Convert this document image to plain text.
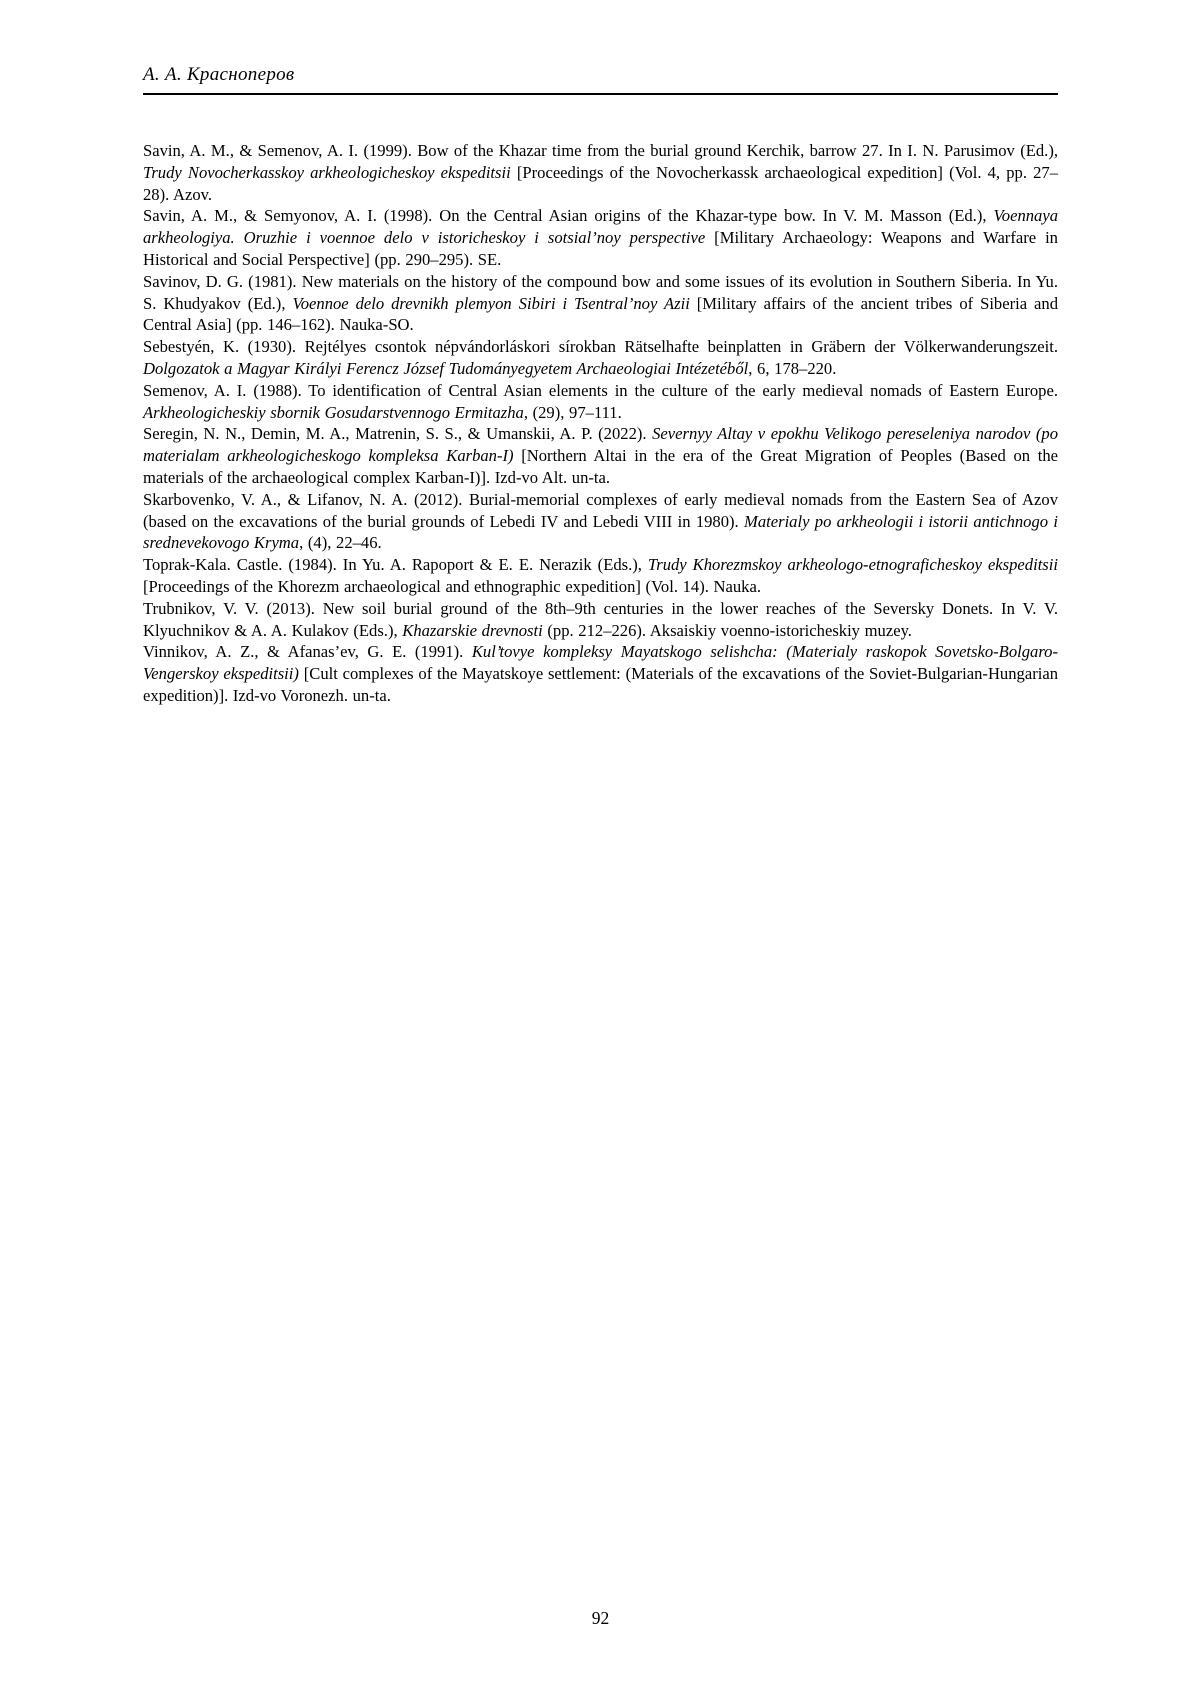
А. А. Красноперов

Savin, A. M., & Semenov, A. I. (1999). Bow of the Khazar time from the burial ground Kerchik, barrow 27. In I. N. Parusimov (Ed.), Trudy Novocherkasskoy arkheologicheskoy ekspeditsii [Proceedings of the Novocherkassk archaeological expedition] (Vol. 4, pp. 27–28). Azov.

Savin, A. M., & Semyonov, A. I. (1998). On the Central Asian origins of the Khazar-type bow. In V. M. Masson (Ed.), Voennaya arkheologiya. Oruzhie i voennoe delo v istoricheskoy i sotsial’noy perspective [Military Archaeology: Weapons and Warfare in Historical and Social Perspective] (pp. 290–295). SE.

Savinov, D. G. (1981). New materials on the history of the compound bow and some issues of its evolution in Southern Siberia. In Yu. S. Khudyakov (Ed.), Voennoe delo drevnikh plemyon Sibiri i Tsentral’noy Azii [Military affairs of the ancient tribes of Siberia and Central Asia] (pp. 146–162). Nauka-SO.

Sebestyén, K. (1930). Rejtélyes csontok népvándorláskori sírokban Rätselhafte beinplatten in Gräbern der Völkerwanderungszeit. Dolgozatok a Magyar Királyi Ferencz József Tudományegyetem Archaeologiai Intézetéből, 6, 178–220.

Semenov, A. I. (1988). To identification of Central Asian elements in the culture of the early medieval nomads of Eastern Europe. Arkheologicheskiy sbornik Gosudarstvennogo Ermitazha, (29), 97–111.

Seregin, N. N., Demin, M. A., Matrenin, S. S., & Umanskii, A. P. (2022). Severnyy Altay v epokhu Velikogo pereseleniya narodov (po materialam arkheologicheskogo kompleksa Karban-I) [Northern Altai in the era of the Great Migration of Peoples (Based on the materials of the archaeological complex Karban-I)]. Izd-vo Alt. un-ta.

Skarbovenko, V. A., & Lifanov, N. A. (2012). Burial-memorial complexes of early medieval nomads from the Eastern Sea of Azov (based on the excavations of the burial grounds of Lebedi IV and Lebedi VIII in 1980). Materialy po arkheologii i istorii antichnogo i srednevekovogo Kryma, (4), 22–46.

Toprak-Kala. Castle. (1984). In Yu. A. Rapoport & E. E. Nerazik (Eds.), Trudy Khorezmskoy arkheologo-etnograficheskoy ekspeditsii [Proceedings of the Khorezm archaeological and ethnographic expedition] (Vol. 14). Nauka.

Trubnikov, V. V. (2013). New soil burial ground of the 8th–9th centuries in the lower reaches of the Seversky Donets. In V. V. Klyuchnikov & A. A. Kulakov (Eds.), Khazarskie drevnosti (pp. 212–226). Aksaiskiy voenno-istoricheskiy muzey.

Vinnikov, A. Z., & Afanas’ev, G. E. (1991). Kul’tovye kompleksy Mayatskogo selishcha: (Materialy raskopok Sovetsko-Bolgaro-Vengerskoy ekspeditsii) [Cult complexes of the Mayatskoye settlement: (Materials of the excavations of the Soviet-Bulgarian-Hungarian expedition)]. Izd-vo Voronezh. un-ta.

92
